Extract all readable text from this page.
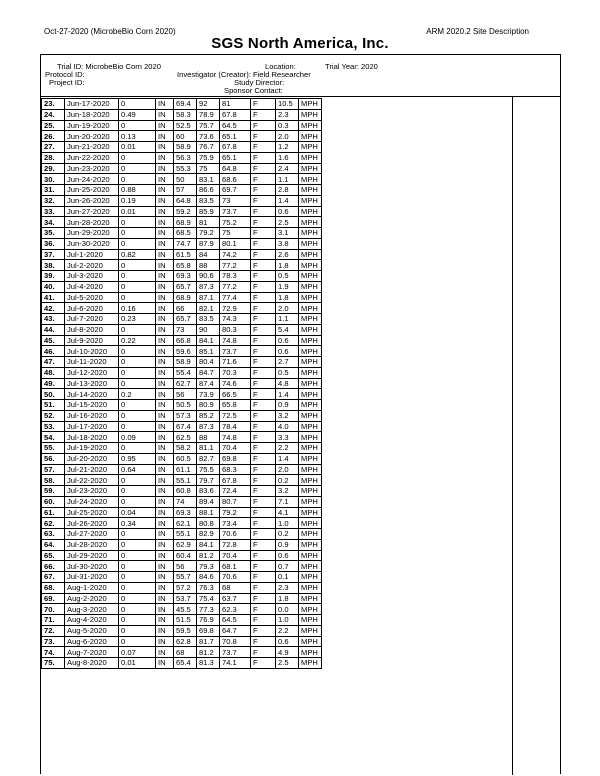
Oct-27-2020 (MicrobeBio Corn 2020)	ARM 2020.2 Site Description
SGS North America, Inc.
Trial ID: MicrobeBio Corn 2020
Protocol ID:
Project ID:
Location:
Investigator (Creator): Field Researcher
Study Director:
Sponsor Contact:
Trial Year: 2020
23.	Jun-17-2020	0	IN	69.4	92	81	F	10.5	MPH
24.	Jun-18-2020	0.49	IN	58.3	78.9	67.8	F	2.3	MPH
25.	Jun-19-2020	0	IN	52.5	75.7	64.5	F	0.3	MPH
26.	Jun-20-2020	0.13	IN	60	73.6	65.1	F	2.0	MPH
27.	Jun-21-2020	0.01	IN	58.9	76.7	67.8	F	1.2	MPH
28.	Jun-22-2020	0	IN	56.3	75.9	65.1	F	1.6	MPH
29.	Jun-23-2020	0	IN	55.3	75	64.8	F	2.4	MPH
30.	Jun-24-2020	0	IN	50	83.1	68.6	F	1.1	MPH
31.	Jun-25-2020	0.88	IN	57	86.6	69.7	F	2.8	MPH
32.	Jun-26-2020	0.19	IN	64.8	83.5	73	F	1.4	MPH
33.	Jun-27-2020	0.01	IN	59.2	85.9	73.7	F	0.6	MPH
34.	Jun-28-2020	0	IN	68.9	81	75.2	F	2.5	MPH
35.	Jun-29-2020	0	IN	68.5	79.2	75	F	3.1	MPH
36.	Jun-30-2020	0	IN	74.7	87.9	80.1	F	3.8	MPH
37.	Jul-1-2020	0.82	IN	61.5	84	74.2	F	2.6	MPH
38.	Jul-2-2020	0	IN	65.8	88	77.2	F	1.8	MPH
39.	Jul-3-2020	0	IN	69.3	90.6	78.3	F	0.5	MPH
40.	Jul-4-2020	0	IN	65.7	87.3	77.2	F	1.9	MPH
41.	Jul-5-2020	0	IN	68.9	87.1	77.4	F	1.8	MPH
42.	Jul-6-2020	0.16	IN	66	82.1	72.9	F	2.0	MPH
43.	Jul-7-2020	0.23	IN	65.7	83.5	74.3	F	1.1	MPH
44.	Jul-8-2020	0	IN	73	90	80.3	F	5.4	MPH
45.	Jul-9-2020	0.22	IN	66.8	84.1	74.8	F	0.6	MPH
46.	Jul-10-2020	0	IN	59.6	85.1	73.7	F	0.6	MPH
47.	Jul-11-2020	0	IN	58.9	80.4	71.6	F	2.7	MPH
48.	Jul-12-2020	0	IN	55.4	84.7	70.3	F	0.5	MPH
49.	Jul-13-2020	0	IN	62.7	87.4	74.6	F	4.8	MPH
50.	Jul-14-2020	0.2	IN	56	73.9	66.5	F	1.4	MPH
51.	Jul-15-2020	0	IN	50.5	80.9	65.8	F	0.9	MPH
52.	Jul-16-2020	0	IN	57.3	85.2	72.5	F	3.2	MPH
53.	Jul-17-2020	0	IN	67.4	87.3	78.4	F	4.0	MPH
54.	Jul-18-2020	0.09	IN	62.5	88	74.8	F	3.3	MPH
55.	Jul-19-2020	0	IN	58.2	81.1	70.4	F	2.2	MPH
56.	Jul-20-2020	0.95	IN	60.5	82.7	69.8	F	1.4	MPH
57.	Jul-21-2020	0.64	IN	61.1	75.5	68.3	F	2.0	MPH
58.	Jul-22-2020	0	IN	55.1	79.7	67.8	F	0.2	MPH
59.	Jul-23-2020	0	IN	60.8	83.6	72.4	F	3.2	MPH
60.	Jul-24-2020	0	IN	74	89.4	80.7	F	7.1	MPH
61.	Jul-25-2020	0.04	IN	69.3	88.1	79.2	F	4.1	MPH
62.	Jul-26-2020	0.34	IN	62.1	80.8	73.4	F	1.0	MPH
63.	Jul-27-2020	0	IN	55.1	82.9	70.6	F	0.2	MPH
64.	Jul-28-2020	0	IN	62.9	84.1	72.8	F	0.9	MPH
65.	Jul-29-2020	0	IN	60.4	81.2	70.4	F	0.6	MPH
66.	Jul-30-2020	0	IN	56	79.3	68.1	F	0.7	MPH
67.	Jul-31-2020	0	IN	55.7	84.6	70.6	F	0.1	MPH
68.	Aug-1-2020	0	IN	57.2	76.3	68	F	2.3	MPH
69.	Aug-2-2020	0	IN	53.7	75.4	63.7	F	1.8	MPH
70.	Aug-3-2020	0	IN	45.5	77.3	62.3	F	0.0	MPH
71.	Aug-4-2020	0	IN	51.5	76.9	64.5	F	1.0	MPH
72.	Aug-5-2020	0	IN	59.5	69.8	64.7	F	2.2	MPH
73.	Aug-6-2020	0	IN	62.8	81.7	70.8	F	0.6	MPH
74.	Aug-7-2020	0.07	IN	68	81.2	73.7	F	4.9	MPH
75.	Aug-8-2020	0.01	IN	65.4	81.3	74.1	F	2.5	MPH
